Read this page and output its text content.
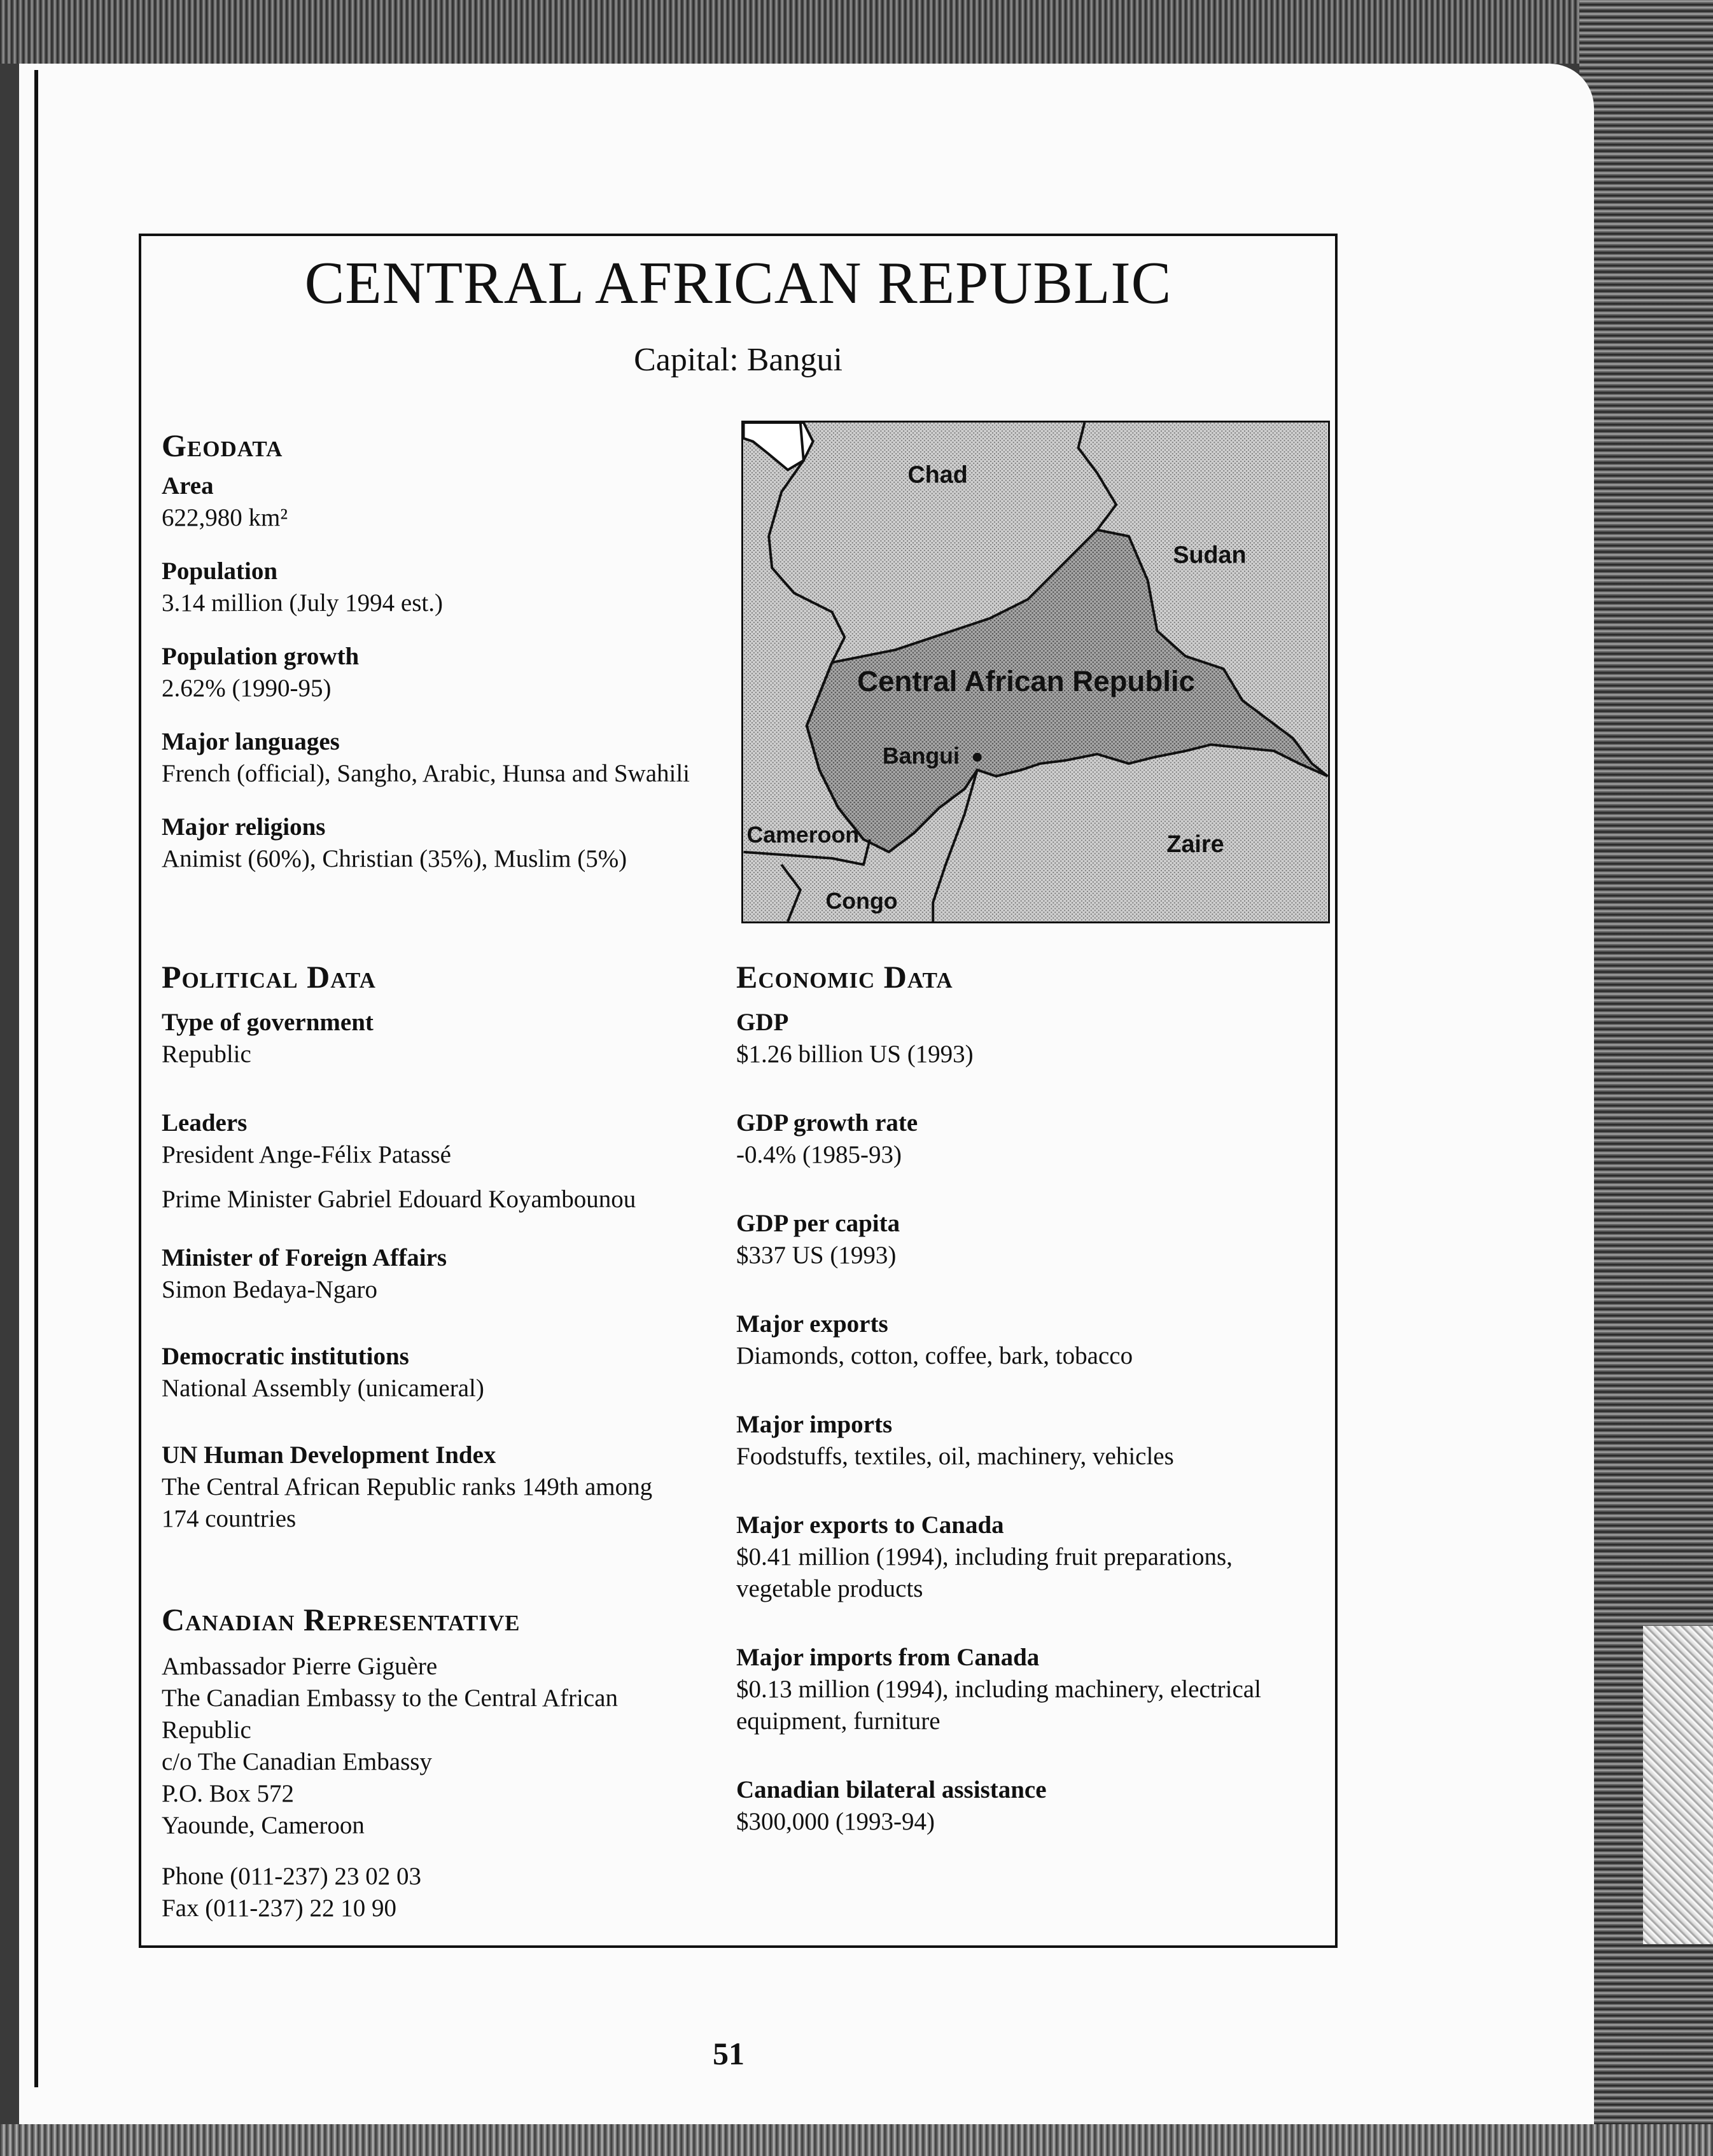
CENTRAL AFRICAN REPUBLIC
Capital: Bangui
Geodata
Area
622,980 km²
Population
3.14 million (July 1994 est.)
Population growth
2.62% (1990-95)
Major languages
French (official), Sangho, Arabic, Hunsa and Swahili
Major religions
Animist (60%), Christian (35%), Muslim (5%)
Chad
Sudan
Central African Republic
Bangui
Cameroon	Zaire
Congo
Political Data
Type of government
Republic
Leaders
President Ange-Félix Patassé
Prime Minister Gabriel Edouard Koyambounou
Minister of Foreign Affairs
Simon Bedaya-Ngaro
Democratic institutions
National Assembly (unicameral)
UN Human Development Index
The Central African Republic ranks 149th among
174 countries
Canadian Representative
Ambassador Pierre Giguère
The Canadian Embassy to the Central African
Republic
c/o The Canadian Embassy
P.O. Box 572
Yaounde, Cameroon
Phone (011-237) 23 02 03
Fax (011-237) 22 10 90
Economic Data
GDP
$1.26 billion US (1993)
GDP growth rate
-0.4% (1985-93)
GDP per capita
$337 US (1993)
Major exports
Diamonds, cotton, coffee, bark, tobacco
Major imports
Foodstuffs, textiles, oil, machinery, vehicles
Major exports to Canada
$0.41 million (1994), including fruit preparations,
vegetable products
Major imports from Canada
$0.13 million (1994), including machinery, electrical
equipment, furniture
Canadian bilateral assistance
$300,000 (1993-94)
51
